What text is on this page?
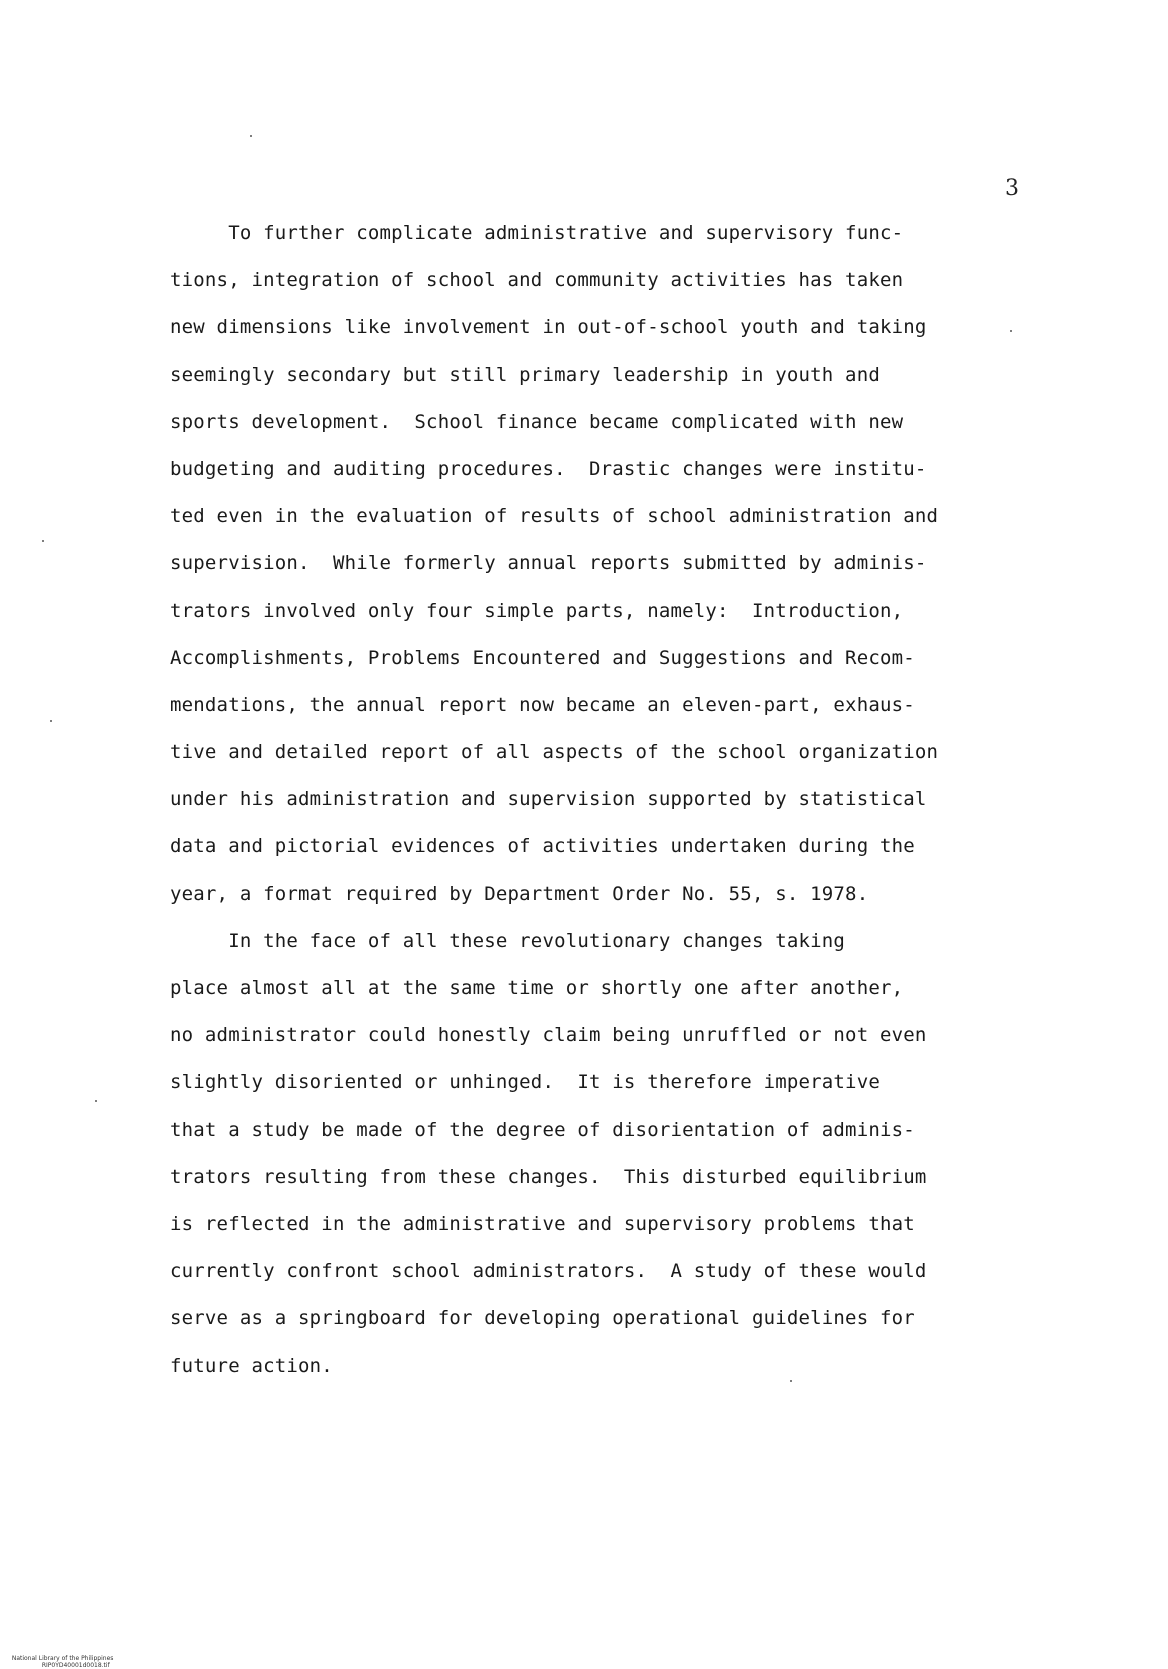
3
To further complicate administrative and supervisory func-
tions, integration of school and community activities has taken
new dimensions like involvement in out-of-school youth and taking
seemingly secondary but still primary leadership in youth and
sports development.  School finance became complicated with new
budgeting and auditing procedures.  Drastic changes were institu-
ted even in the evaluation of results of school administration and
supervision.  While formerly annual reports submitted by adminis-
trators involved only four simple parts, namely:  Introduction,
Accomplishments, Problems Encountered and Suggestions and Recom-
mendations, the annual report now became an eleven-part, exhaus-
tive and detailed report of all aspects of the school organization
under his administration and supervision supported by statistical
data and pictorial evidences of activities undertaken during the
year, a format required by Department Order No. 55, s. 1978.
In the face of all these revolutionary changes taking
place almost all at the same time or shortly one after another,
no administrator could honestly claim being unruffled or not even
slightly disoriented or unhinged.  It is therefore imperative
that a study be made of the degree of disorientation of adminis-
trators resulting from these changes.  This disturbed equilibrium
is reflected in the administrative and supervisory problems that
currently confront school administrators.  A study of these would
serve as a springboard for developing operational guidelines for
future action.

National Library of the Philippines
RIP0YD40001d0018.tif
